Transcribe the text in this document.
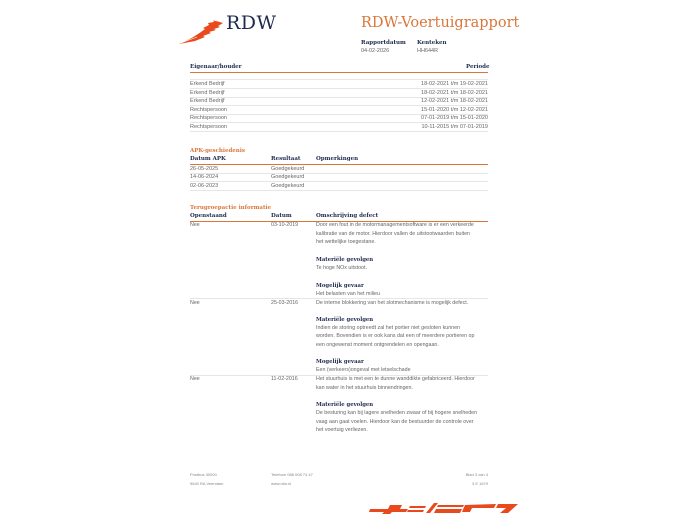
RDW	RDW-Voertuigrapport
Rapportdatum
04-02-2026
Kenteken
HH644R
Eigenaar/houder	Periode
Erkend Bedrijf	18-02-2021 t/m 19-02-2021
Erkend Bedrijf	18-02-2021 t/m 18-02-2021
Erkend Bedrijf	12-02-2021 t/m 18-02-2021
Rechtspersoon	15-01-2020 t/m 12-02-2021
Rechtspersoon	07-01-2019 t/m 15-01-2020
Rechtspersoon	10-11-2015 t/m 07-01-2019
APK-geschiedenis
Datum APK	Resultaat	Opmerkingen
26-05-2025	Goedgekeurd
14-06-2024	Goedgekeurd
02-06-2023	Goedgekeurd
Terugroepactie informatie
Openstaand	Datum	Omschrijving defect
Nee	03-10-2019	Door een fout in de motormanagementsoftware is er een verkeerde
kalibratie van de motor. Hierdoor vallen de uitstootwaarden buiten
het wettelijke toegestane.
Materiële gevolgen
Te hoge NOx uitstoot.
Mogelijk gevaar
Het belasten van het milieu
Nee	25-03-2016	De interne blokkering van het slotmechanisme is mogelijk defect.
Materiële gevolgen
Indien de storing optreedt zal het portier niet gesloten kunnen
worden. Bovendien is er ook kans dat een of meerdere portieren op
een ongewenst moment ontgrendelen en opengaan.
Mogelijk gevaar
Een (verkeers)ongeval met letselschade
Nee	11-02-2016	Het stuurhuis is met een te dunne wanddikte gefabriceerd. Hierdoor
kan water in het stuurhuis binnendringen.
Materiële gevolgen
De besturing kan bij lagere snelheden zwaar of bij hogere snelheden
vaag aan gaat voelen. Hierdoor kan de bestuurder de controle over
het voertuig verliezen.
Postbus 30000
9640 RA Veendam
Telefoon 088 008 74 47
www.rdw.nl
Blad 3 van 4
3 E 1679
